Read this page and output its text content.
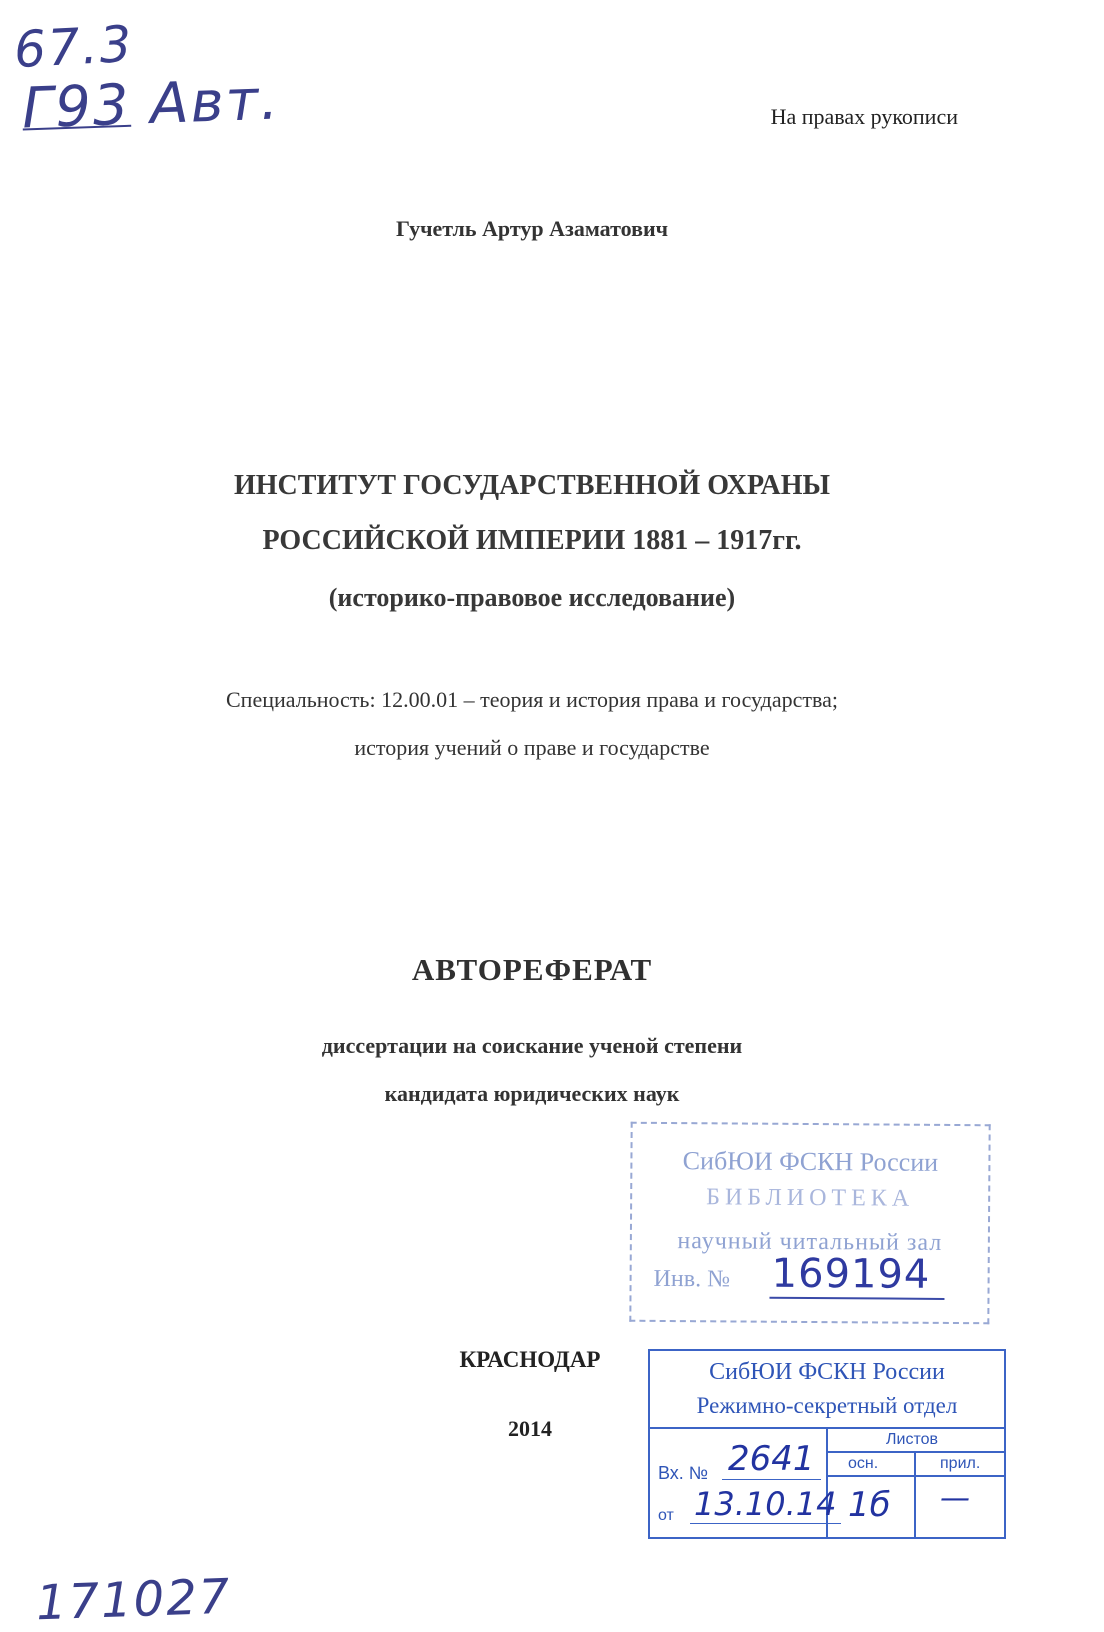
67.3
Г93 Авт.
171027
На правах рукописи
Гучетль Артур Азаматович
ИНСТИТУТ ГОСУДАРСТВЕННОЙ ОХРАНЫ
РОССИЙСКОЙ ИМПЕРИИ 1881 – 1917гг.
(историко-правовое исследование)
Специальность: 12.00.01 – теория и история права и государства;
история учений о праве и государстве
АВТОРЕФЕРАТ
диссертации на соискание ученой степени
кандидата юридических наук
КРАСНОДАР
2014
СибЮИ ФСКН России
БИБЛИОТЕКА
научный читальный зал
Инв. № 169194
СибЮИ ФСКН России
Режимно-секретный отдел
Листов
осн.	прил.
Вх. № 2641
от 13.10.14 1б —
